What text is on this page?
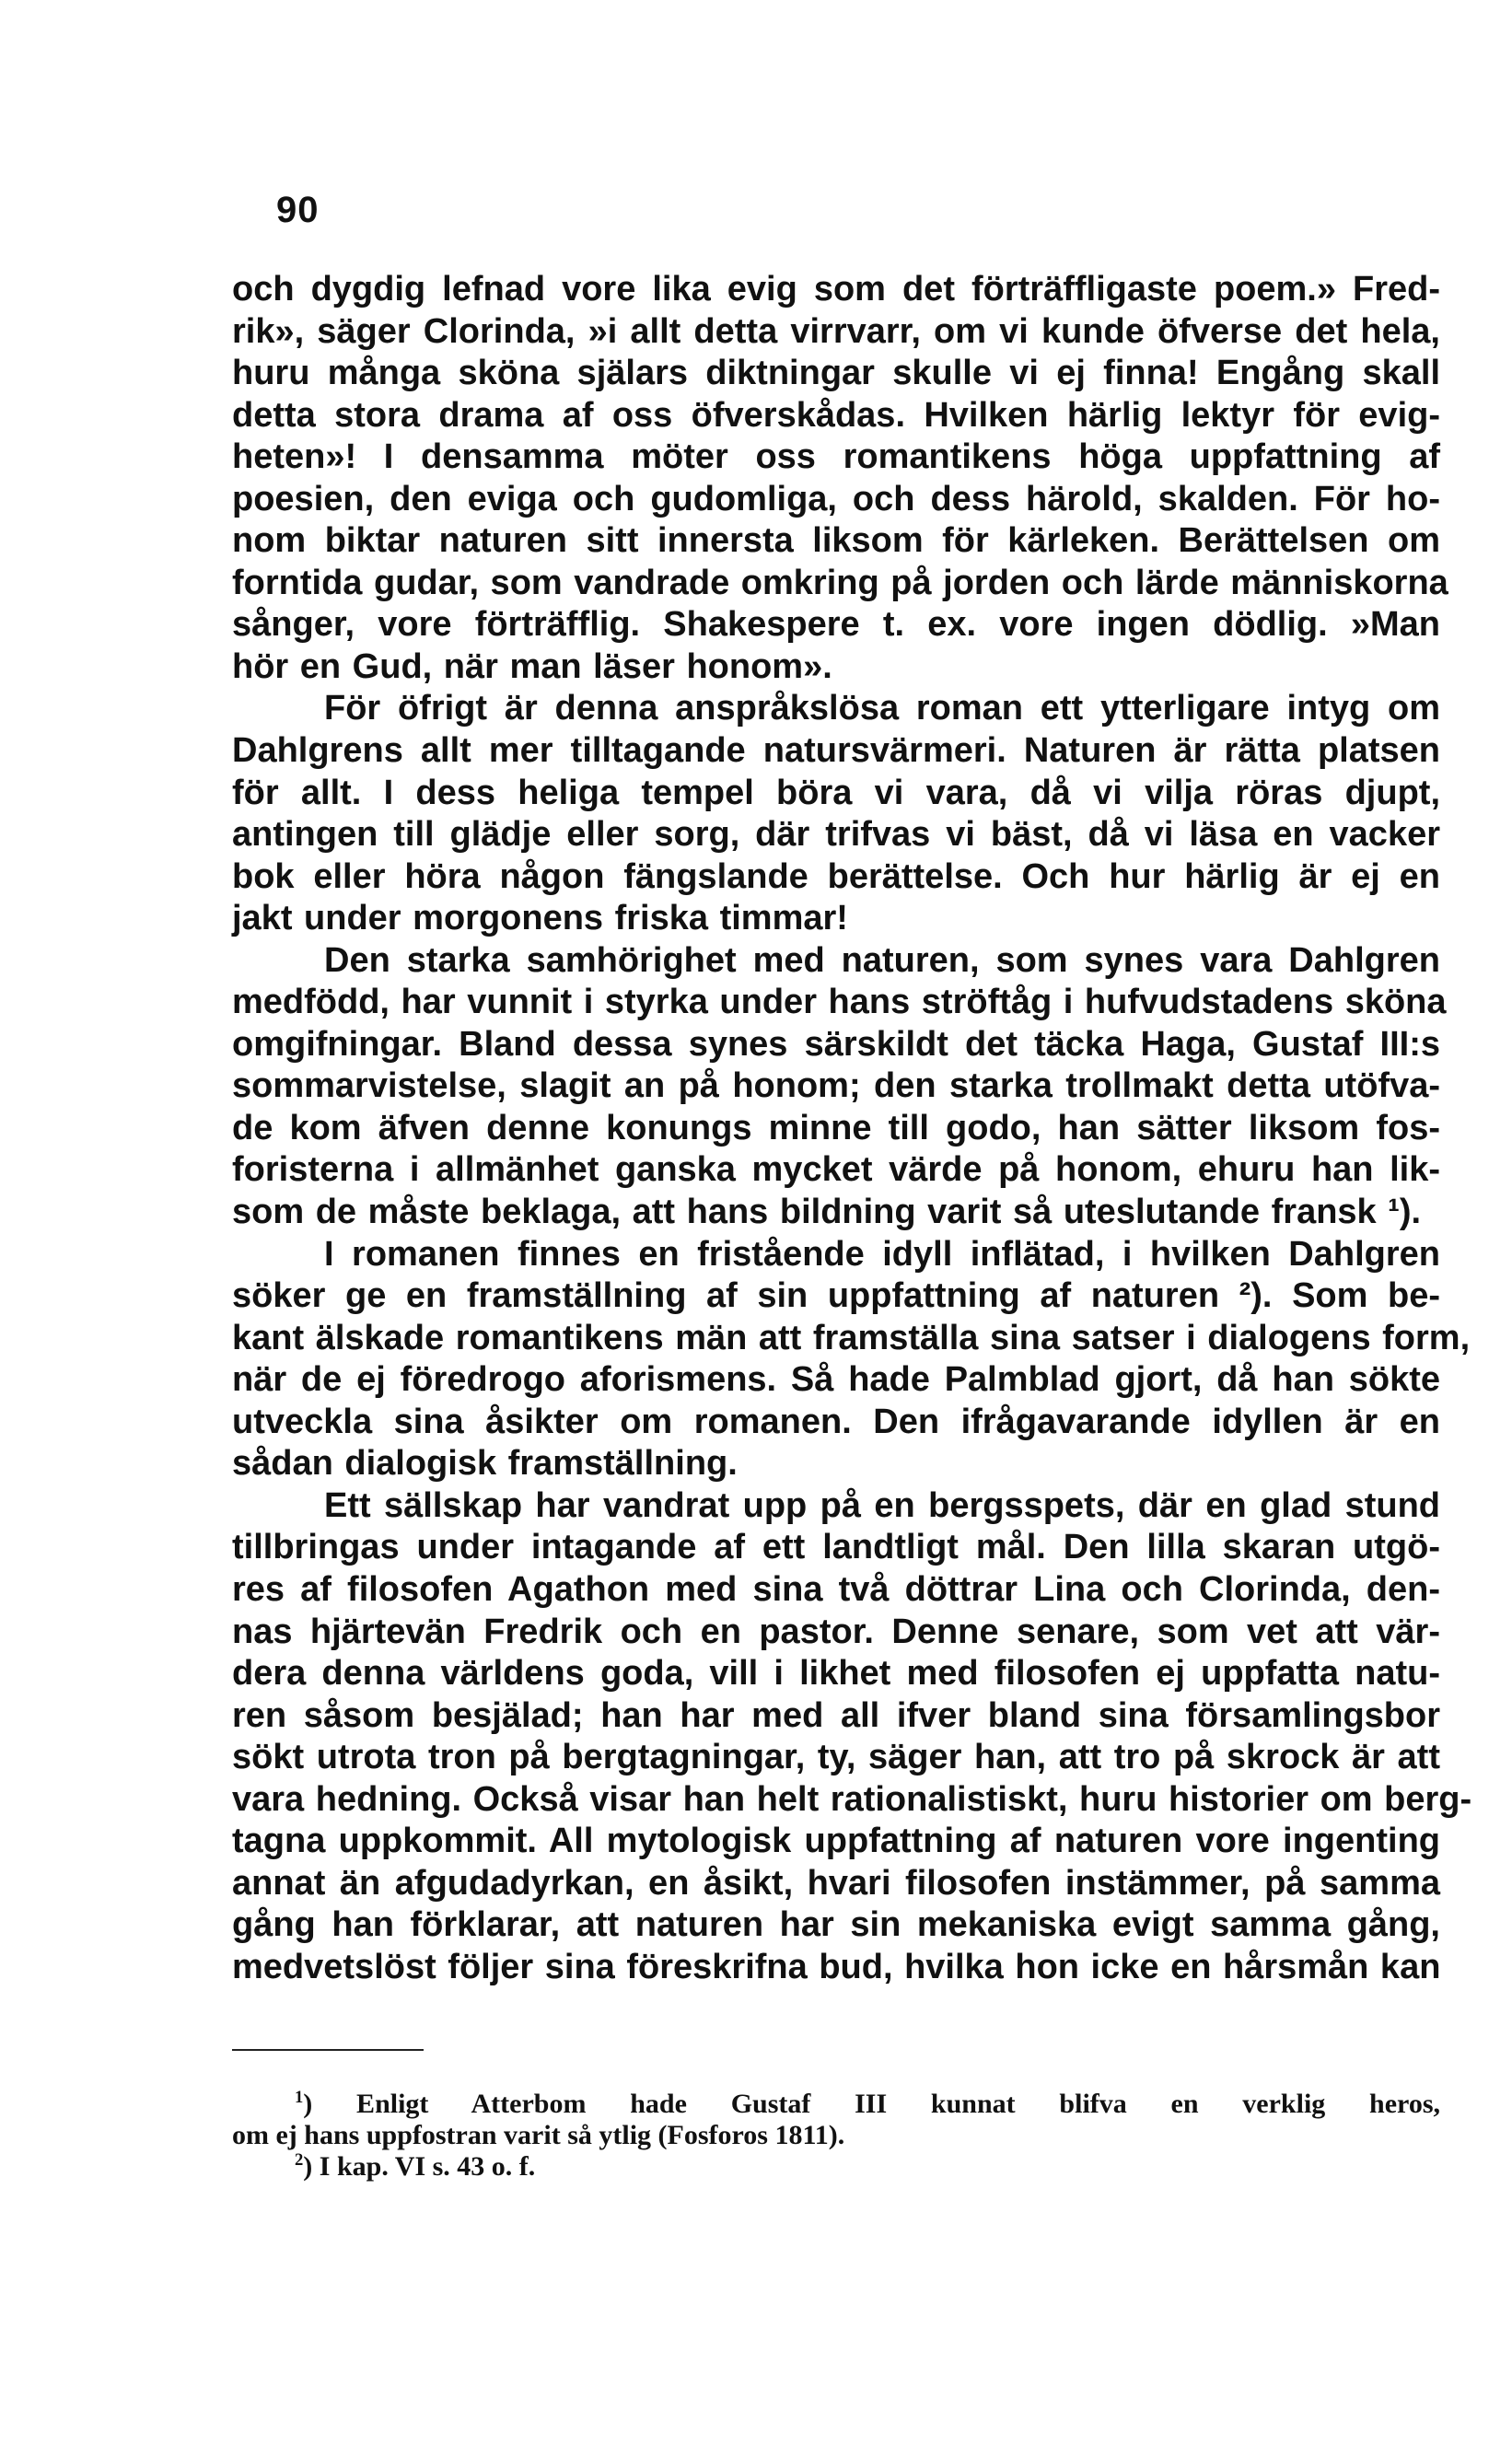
90
och dygdig lefnad vore lika evig som det förträffligaste poem.» Fred-
rik», säger Clorinda, »i allt detta virrvarr, om vi kunde öfverse det hela,
huru många sköna själars diktningar skulle vi ej finna! Engång skall
detta stora drama af oss öfverskådas. Hvilken härlig lektyr för evig-
heten»! I densamma möter oss romantikens höga uppfattning af
poesien, den eviga och gudomliga, och dess härold, skalden. För ho-
nom biktar naturen sitt innersta liksom för kärleken. Berättelsen om
forntida gudar, som vandrade omkring på jorden och lärde människorna
sånger, vore förträfflig. Shakespere t. ex. vore ingen dödlig. »Man
hör en Gud, när man läser honom».
För öfrigt är denna anspråkslösa roman ett ytterligare intyg om
Dahlgrens allt mer tilltagande natursvärmeri. Naturen är rätta platsen
för allt. I dess heliga tempel böra vi vara, då vi vilja röras djupt,
antingen till glädje eller sorg, där trifvas vi bäst, då vi läsa en vacker
bok eller höra någon fängslande berättelse. Och hur härlig är ej en
jakt under morgonens friska timmar!
Den starka samhörighet med naturen, som synes vara Dahlgren
medfödd, har vunnit i styrka under hans ströftåg i hufvudstadens sköna
omgifningar. Bland dessa synes särskildt det täcka Haga, Gustaf III:s
sommarvistelse, slagit an på honom; den starka trollmakt detta utöfva-
de kom äfven denne konungs minne till godo, han sätter liksom fos-
foristerna i allmänhet ganska mycket värde på honom, ehuru han lik-
som de måste beklaga, att hans bildning varit så uteslutande fransk ¹).
I romanen finnes en fristående idyll inflätad, i hvilken Dahlgren
söker ge en framställning af sin uppfattning af naturen ²). Som be-
kant älskade romantikens män att framställa sina satser i dialogens form,
när de ej föredrogo aforismens. Så hade Palmblad gjort, då han sökte
utveckla sina åsikter om romanen. Den ifrågavarande idyllen är en
sådan dialogisk framställning.
Ett sällskap har vandrat upp på en bergsspets, där en glad stund
tillbringas under intagande af ett landtligt mål. Den lilla skaran utgö-
res af filosofen Agathon med sina två döttrar Lina och Clorinda, den-
nas hjärtevän Fredrik och en pastor. Denne senare, som vet att vär-
dera denna världens goda, vill i likhet med filosofen ej uppfatta natu-
ren såsom besjälad; han har med all ifver bland sina församlingsbor
sökt utrota tron på bergtagningar, ty, säger han, att tro på skrock är att
vara hedning. Också visar han helt rationalistiskt, huru historier om berg-
tagna uppkommit. All mytologisk uppfattning af naturen vore ingenting
annat än afgudadyrkan, en åsikt, hvari filosofen instämmer, på samma
gång han förklarar, att naturen har sin mekaniska evigt samma gång,
medvetslöst följer sina föreskrifna bud, hvilka hon icke en hårsmån kan
$^1$) Enligt Atterbom hade Gustaf III kunnat blifva en verklig heros,
om ej hans uppfostran varit så ytlig (Fosforos 1811).
$^2$) I kap. VI s. 43 o. f.
